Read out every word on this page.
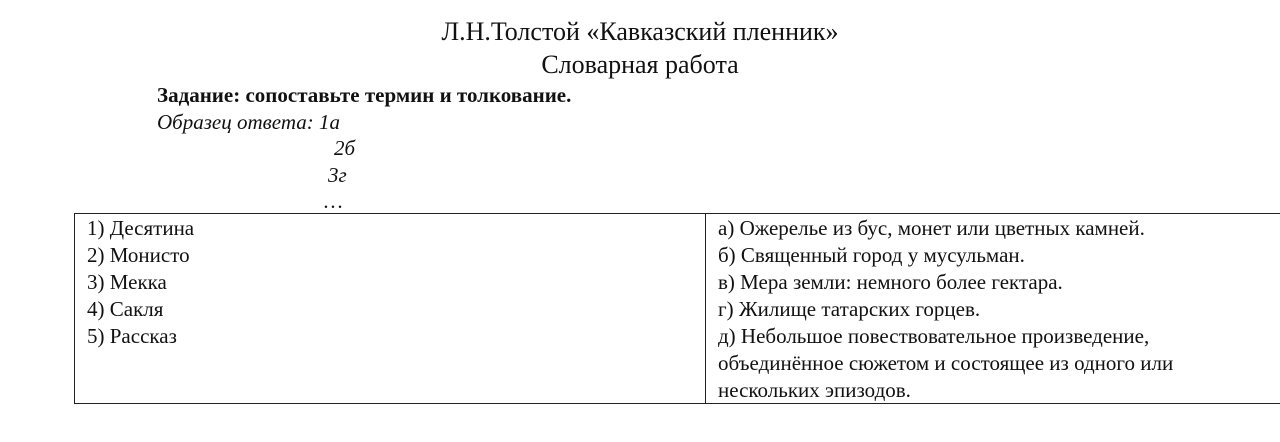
Л.Н.Толстой «Кавказский пленник»
Словарная работа
Задание: сопоставьте термин и толкование.
Образец ответа: 1а
2б
3г
…
1) Десятина
2) Монисто
3) Мекка
4) Сакля
5) Рассказ
а) Ожерелье из бус, монет или цветных камней.
б) Священный город у мусульман.
в) Мера земли: немного более гектара.
г) Жилище татарских горцев.
д) Небольшое повествовательное произведение,
объединённое сюжетом и состоящее из одного или
нескольких эпизодов.
